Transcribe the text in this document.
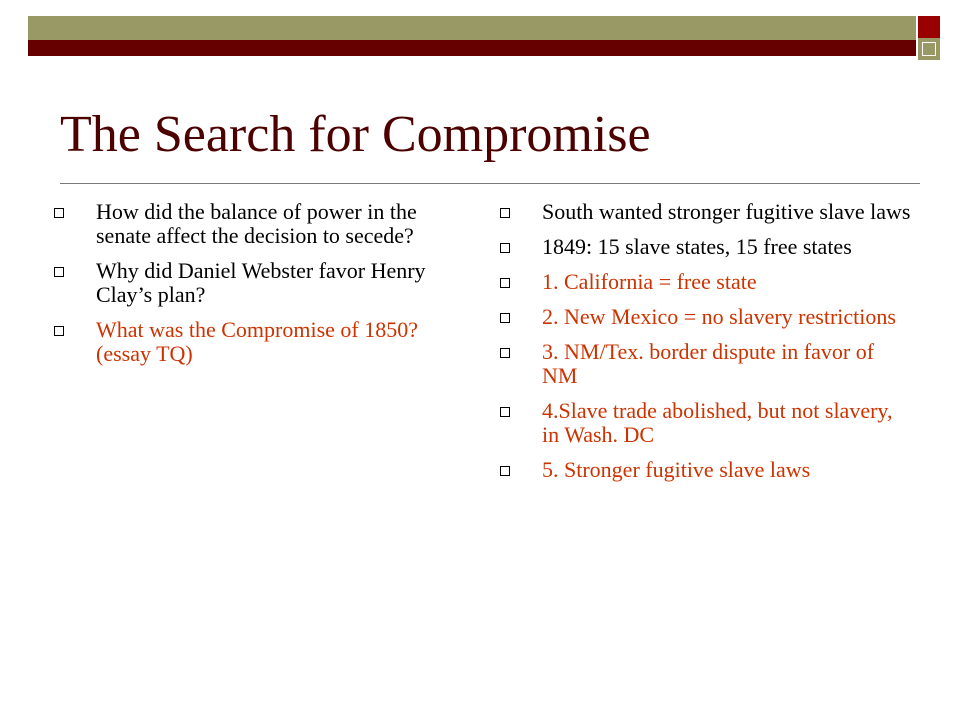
The Search for Compromise
How did the balance of power in the senate affect the decision to secede?
Why did Daniel Webster favor Henry Clay’s plan?
What was the Compromise of 1850? (essay TQ)
South wanted stronger fugitive slave laws
1849: 15 slave states, 15 free states
1. California = free state
2. New Mexico = no slavery restrictions
3. NM/Tex. border dispute in favor of NM
4.Slave trade abolished, but not slavery, in Wash. DC
5. Stronger fugitive slave laws
